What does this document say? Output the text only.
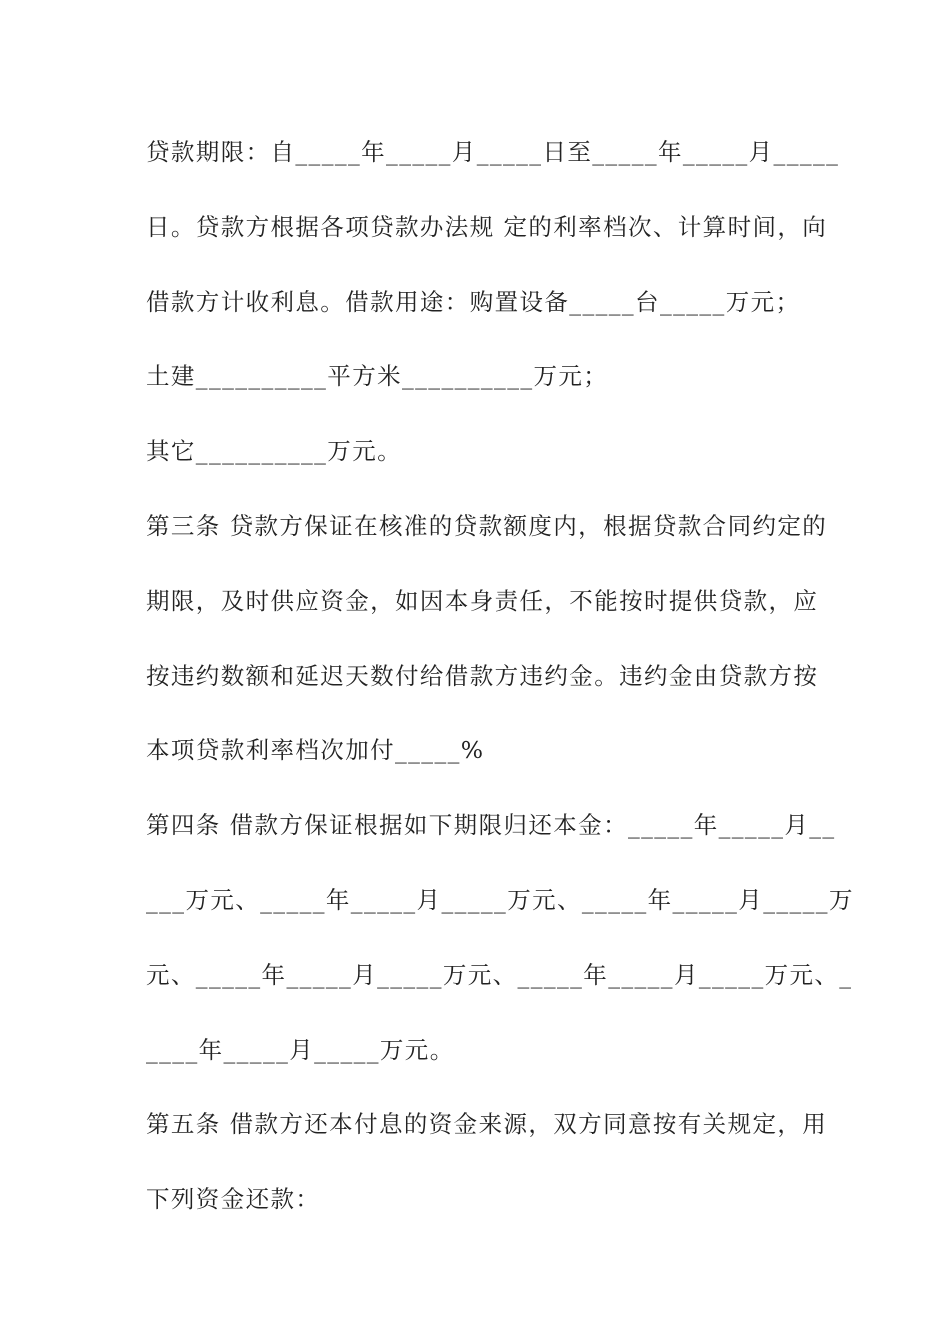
贷款期限：自_____年_____月_____日至_____年_____月_____
日。贷款方根据各项贷款办法规 定的利率档次、计算时间，向
借款方计收利息。借款用途：购置设备_____台_____万元；
土建__________平方米__________万元；
其它__________万元。
第三条 贷款方保证在核准的贷款额度内，根据贷款合同约定的
期限，及时供应资金，如因本身责任，不能按时提供贷款，应
按违约数额和延迟天数付给借款方违约金。违约金由贷款方按
本项贷款利率档次加付_____%
第四条 借款方保证根据如下期限归还本金：_____年_____月__
___万元、_____年_____月_____万元、_____年_____月_____万
元、_____年_____月_____万元、_____年_____月_____万元、_
____年_____月_____万元。
第五条 借款方还本付息的资金来源，双方同意按有关规定，用
下列资金还款：
